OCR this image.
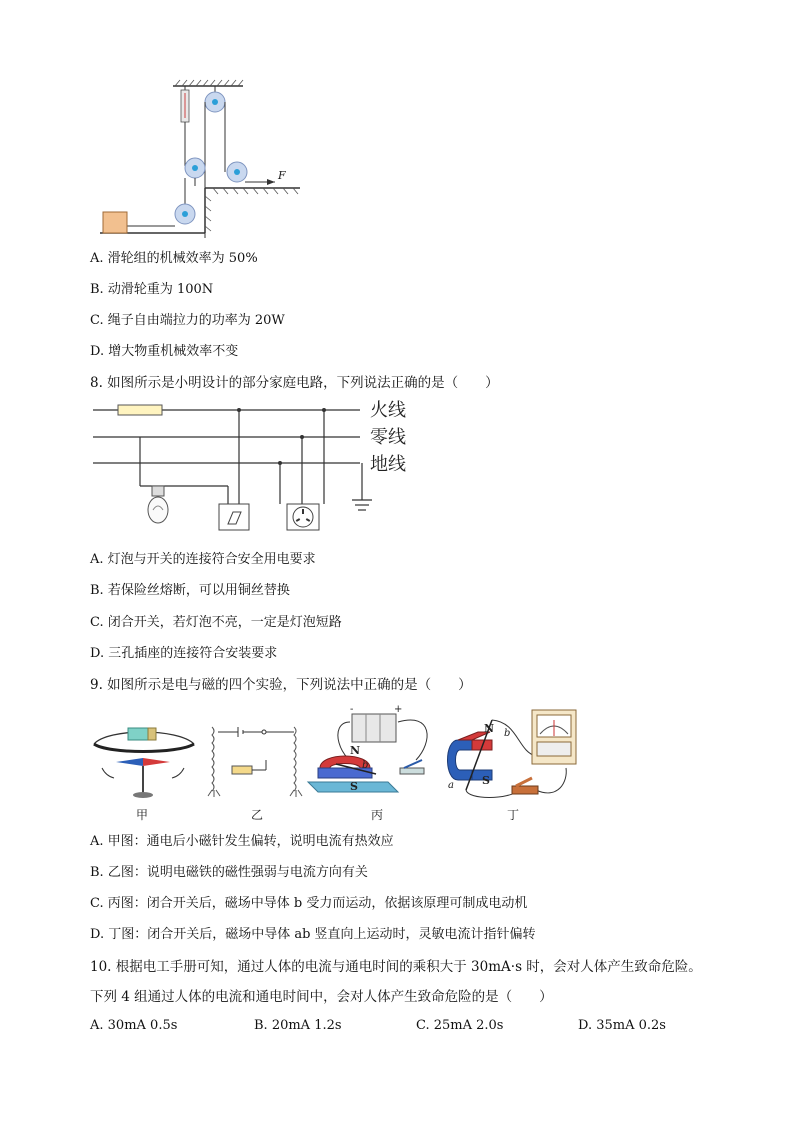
F
A. 滑轮组的机械效率为 50%
B. 动滑轮重为 100N
C. 绳子自由端拉力的功率为 20W
D. 增大物重机械效率不变
8. 如图所示是小明设计的部分家庭电路，下列说法正确的是（　　）
火线
零线
地线
A. 灯泡与开关的连接符合安全用电要求
B. 若保险丝熔断，可以用铜丝替换
C. 闭合开关，若灯泡不亮，一定是灯泡短路
D. 三孔插座的连接符合安装要求
9. 如图所示是电与磁的四个实验，下列说法中正确的是（　　）
-	+
N
S
b
N
S
b
a
甲	乙	丙	丁
A. 甲图：通电后小磁针发生偏转，说明电流有热效应
B. 乙图：说明电磁铁的磁性强弱与电流方向有关
C. 丙图：闭合开关后，磁场中导体 b 受力而运动，依据该原理可制成电动机
D. 丁图：闭合开关后，磁场中导体 ab 竖直向上运动时，灵敏电流计指针偏转
10. 根据电工手册可知，通过人体的电流与通电时间的乘积大于 30mA·s 时，会对人体产生致命危险。
下列 4 组通过人体的电流和通电时间中，会对人体产生致命危险的是（　　）
A. 30mA 0.5s	B. 20mA 1.2s	C. 25mA 2.0s	D. 35mA 0.2s
